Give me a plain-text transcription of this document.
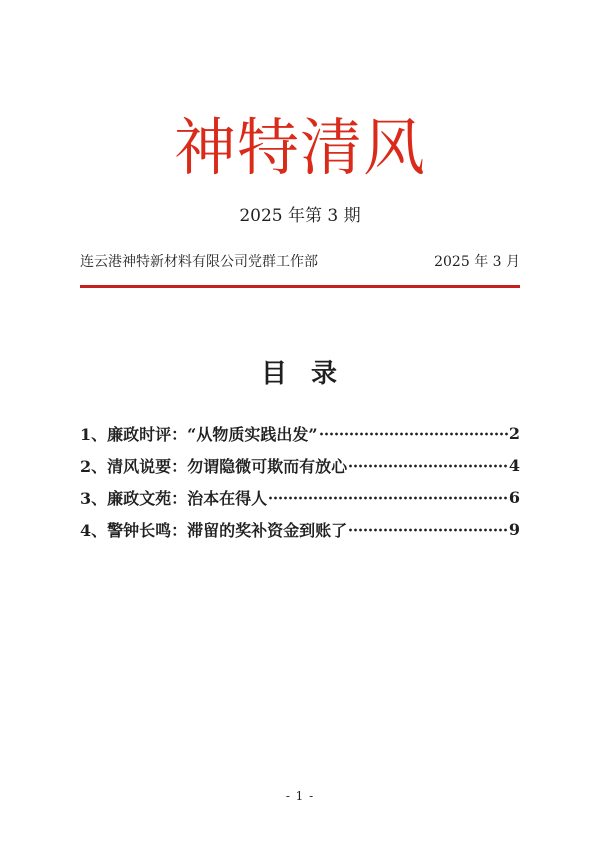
神特清风
2025 年第 3 期
连云港神特新材料有限公司党群工作部	2025 年 3 月
目  录
1、廉政时评：“从物质实践出发”	2
2、清风说要：勿谓隐微可欺而有放心	4
3、廉政文苑：治本在得人	6
4、警钟长鸣：滞留的奖补资金到账了	9
- 1 -
